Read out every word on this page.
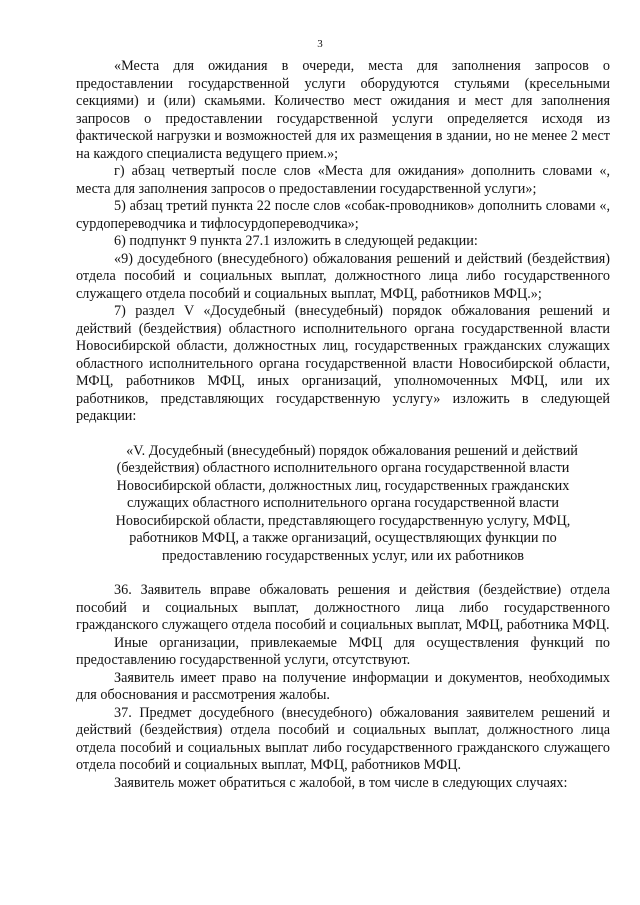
3

«Места для ожидания в очереди, места для заполнения запросов о предоставлении государственной услуги оборудуются стульями (кресельными секциями) и (или) скамьями. Количество мест ожидания и мест для заполнения запросов о предоставлении государственной услуги определяется исходя из фактической нагрузки и возможностей для их размещения в здании, но не менее 2 мест на каждого специалиста ведущего прием.»;

г) абзац четвертый после слов «Места для ожидания» дополнить словами «, места для заполнения запросов о предоставлении государственной услуги»;

5) абзац третий пункта 22 после слов «собак-проводников» дополнить словами «, сурдопереводчика и тифлосурдопереводчика»;

6) подпункт 9 пункта 27.1 изложить в следующей редакции:

«9) досудебного (внесудебного) обжалования решений и действий (бездействия) отдела пособий и социальных выплат, должностного лица либо государственного служащего отдела пособий и социальных выплат, МФЦ, работников МФЦ.»;

7) раздел V «Досудебный (внесудебный) порядок обжалования решений и действий (бездействия) областного исполнительного органа государственной власти Новосибирской области, должностных лиц, государственных гражданских служащих областного исполнительного органа государственной власти Новосибирской области, МФЦ, работников МФЦ, иных организаций, уполномоченных МФЦ, или их работников, представляющих государственную услугу» изложить в следующей редакции:

«V. Досудебный (внесудебный) порядок обжалования решений и действий (бездействия) областного исполнительного органа государственной власти Новосибирской области, должностных лиц, государственных гражданских служащих областного исполнительного органа государственной власти Новосибирской области, представляющего государственную услугу, МФЦ, работников МФЦ, а также организаций, осуществляющих функции по предоставлению государственных услуг, или их работников

36. Заявитель вправе обжаловать решения и действия (бездействие) отдела пособий и социальных выплат, должностного лица либо государственного гражданского служащего отдела пособий и социальных выплат, МФЦ, работника МФЦ.

Иные организации, привлекаемые МФЦ для осуществления функций по предоставлению государственной услуги, отсутствуют.

Заявитель имеет право на получение информации и документов, необходимых для обоснования и рассмотрения жалобы.

37. Предмет досудебного (внесудебного) обжалования заявителем решений и действий (бездействия) отдела пособий и социальных выплат, должностного лица отдела пособий и социальных выплат либо государственного гражданского служащего отдела пособий и социальных выплат, МФЦ, работников МФЦ.

Заявитель может обратиться с жалобой, в том числе в следующих случаях:
